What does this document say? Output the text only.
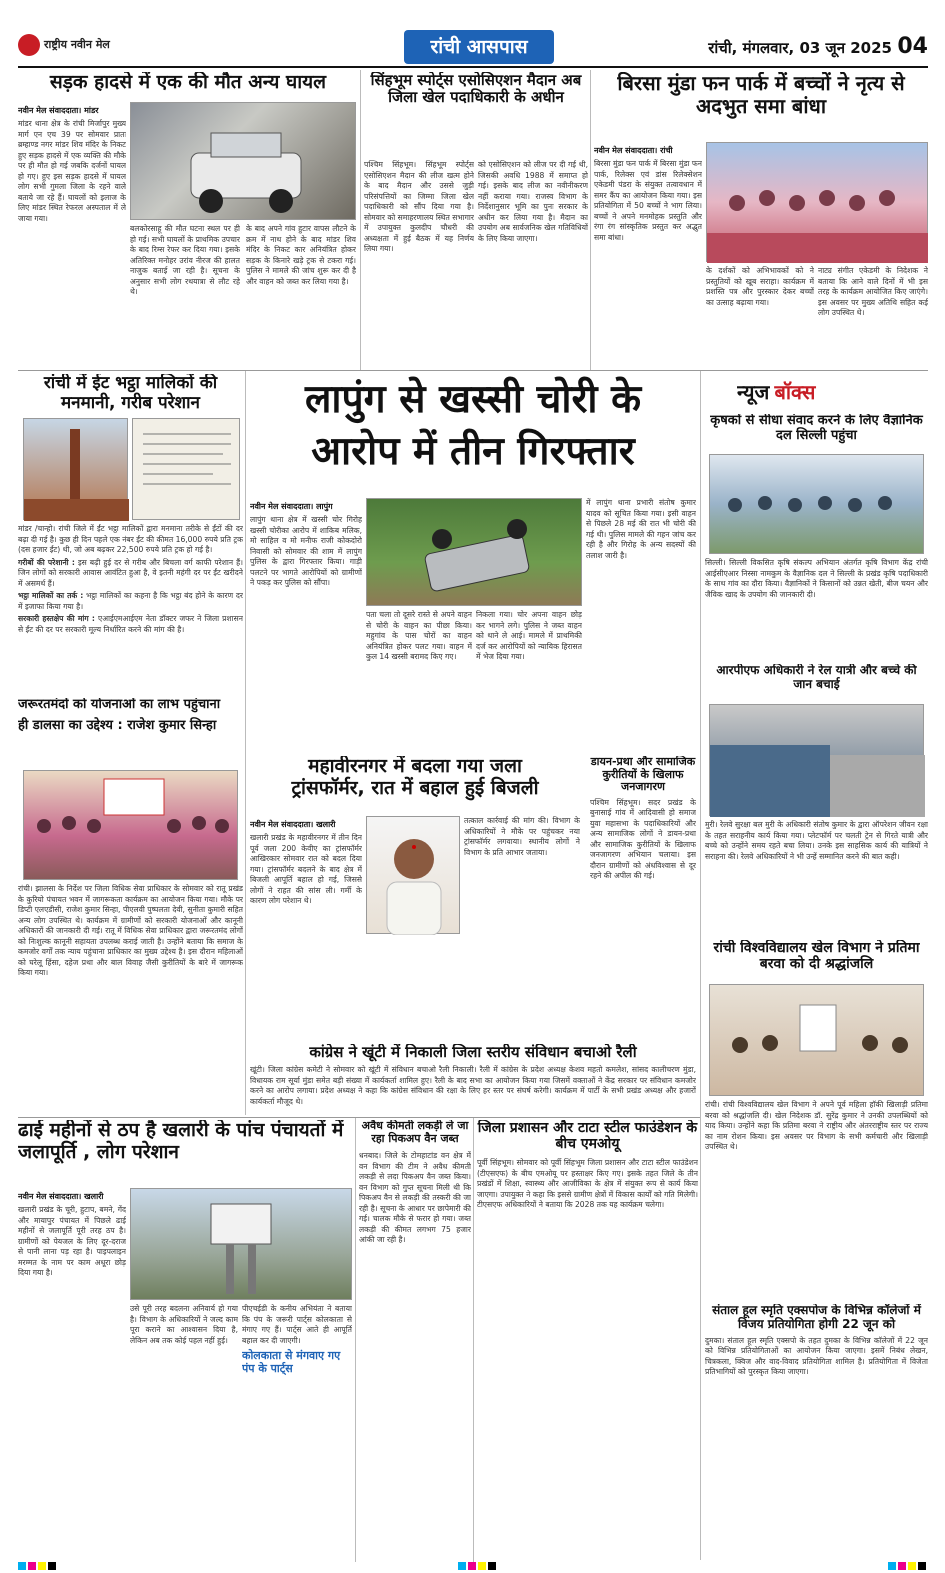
राष्ट्रीय नवीन मेल	रांची आसपास	रांची, मंगलवार, 03 जून 2025 04
सड़क हादसे में एक की मौत अन्य घायल
नवीन मेल संवाददाता। मांडर
मांडर थाना क्षेत्र के रांची मिर्जापुर मुख्य मार्ग एन एच 39 पर सोमवार प्रातः ब्रम्हाण्ड नगर मांडर शिव मंदिर के निकट हुए सड़क हादसे में एक व्यक्ति की मौके पर ही मौत हो गई जबकि दर्जनों घायल हो गए। हुए इस सड़क हादसे में घायल लोग सभी गुमला जिला के रहने वाले बताये जा रहे हैं। घायलों को इलाज के लिए मांडर स्थित रेफरल अस्पताल में ले जाया गया।
बलकोरसाहू की मौत घटना स्थल पर ही हो गई। सभी घायलों के प्राथमिक उपचार के बाद रिम्स रेफर कर दिया गया। इसके अतिरिक्त मनोहर उरांव नीरज की हालत नाजुक बताई जा रही है। सूचना के अनुसार सभी लोग रथयात्रा से लौट रहे थे।
के बाद अपने गांव हुटार वापस लौटने के क्रम में नाथ होने के बाद मांडर शिव मंदिर के निकट कार अनियंत्रित होकर सड़क के किनारे खड़े ट्रक से टकरा गई। पुलिस ने मामले की जांच शुरू कर दी है और वाहन को जब्त कर लिया गया है।
सिंहभूम स्पोर्ट्स एसोसिएशन मैदान अब जिला खेल पदाधिकारी के अधीन
पश्चिम सिंहभूम। सिंहभूम स्पोर्ट्स एसोसिएशन मैदान की लीज खत्म होने के बाद मैदान और उससे जुड़ी परिसंपत्तियों का जिम्मा जिला खेल पदाधिकारी को सौंप दिया गया है। सोमवार को समाहरणालय स्थित सभागार में उपायुक्त कुलदीप चौधरी की अध्यक्षता में हुई बैठक में यह निर्णय लिया गया।
को एसोसिएशन को लीज पर दी गई थी, जिसकी अवधि 1988 में समाप्त हो गई। इसके बाद लीज का नवीनीकरण नहीं कराया गया। राजस्व विभाग के निर्देशानुसार भूमि का पुनः सरकार के अधीन कर लिया गया है। मैदान का उपयोग अब सार्वजनिक खेल गतिविधियों के लिए किया जाएगा।
बिरसा मुंडा फन पार्क में बच्चों ने नृत्य से अदभुत समा बांधा
नवीन मेल संवाददाता। रांची
बिरसा मुंडा फन पार्क में बिरसा मुंडा फन पार्क, रिलेक्स एवं डांस रिलेक्सेशन एकेडमी पंडरा के संयुक्त तत्वावधान में समर कैंप का आयोजन किया गया। इस प्रतियोगिता में 50 बच्चों ने भाग लिया। बच्चों ने अपने मनमोहक प्रस्तुति और रंगा रंग सांस्कृतिक प्रस्तुत कर अद्भुत समा बांधा।
के दर्शकों को अभिभावकों को ने प्रस्तुतियों को खूब सराहा। कार्यक्रम में प्रशस्ति पत्र और पुरस्कार देकर बच्चों का उत्साह बढ़ाया गया।
नाट्य संगीत एकेडमी के निदेशक ने बताया कि आने वाले दिनों में भी इस तरह के कार्यक्रम आयोजित किए जाएंगे। इस अवसर पर मुख्य अतिथि सहित कई लोग उपस्थित थे।
रांची में ईट भट्ठा मालिकों की मनमानी, गरीब परेशान

मांडर /चान्हो। रांची जिले में ईंट भट्ठा मालिकों द्वारा मनमाना तरीके से ईंटों की दर बढ़ा दी गई है। कुछ ही दिन पहले एक नंबर ईंट की कीमत 16,000 रुपये प्रति ट्रक (दस हजार ईंट) थी, जो अब बढ़कर 22,500 रुपये प्रति ट्रक हो गई है।

गरीबों की परेशानी : इस बढ़ी हुई दर से गरीब और बिचला वर्ग काफी परेशान हैं। जिन लोगों को सरकारी आवास आवंटित हुआ है, वे इतनी महंगी दर पर ईंट खरीदने में असमर्थ हैं।

भट्ठा मालिकों का तर्क : भट्ठा मालिकों का कहना है कि भट्ठा बंद होने के कारण दर में इजाफा किया गया है।

सरकारी हस्तक्षेप की मांग : एआईएमआईएम नेता डॉक्टर जफर ने जिला प्रशासन से ईंट की दर पर सरकारी मूल्य निर्धारित करने की मांग की है।

जरूरतमंदों को योजनाओं का लाभ पहुंचाना
ही डालसा का उद्देश्य : राजेश कुमार सिन्हा
रांची। झालसा के निर्देश पर जिला विधिक सेवा प्राधिकार के सोमवार को रातू प्रखंड के कुरियो पंचायत भवन में जागरूकता कार्यक्रम का आयोजन किया गया। मौके पर डिप्टी एलएडीसी, राजेश कुमार सिन्हा, पीएलवी पुष्पलता देवी, सुनीता कुमारी सहित अन्य लोग उपस्थित थे। कार्यक्रम में ग्रामीणों को सरकारी योजनाओं और कानूनी अधिकारों की जानकारी दी गई। रातू में विधिक सेवा प्राधिकार द्वारा जरूरतमंद लोगों को निःशुल्क कानूनी सहायता उपलब्ध कराई जाती है। उन्होंने बताया कि समाज के कमजोर वर्गों तक न्याय पहुंचाना प्राधिकार का मुख्य उद्देश्य है। इस दौरान महिलाओं को घरेलू हिंसा, दहेज प्रथा और बाल विवाह जैसी कुरीतियों के बारे में जागरूक किया गया।
लापुंग से खस्सी चोरी के
आरोप में तीन गिरफ्तार
नवीन मेल संवाददाता। लापुंग
लापुंग थाना क्षेत्र में खस्सी चोर गिरोह खस्सी चोरीका आरोप में शाकिब मलिक, मो साहिल व मो मनीफ राजी कोकदोरो निवासी को सोमवार की शाम में लापुंग पुलिस के द्वारा गिरफ्तार किया। गाड़ी पलटने पर भागते आरोपियों को ग्रामीणों ने पकड़ कर पुलिस को सौंपा।
पता चला तो दूसरे रास्ते से अपने वाहन से चोरी के वाहन का पीछा किया। महुगांव के पास चोरों का वाहन अनियंत्रित होकर पलट गया। वाहन में कुल 14 खस्सी बरामद किए गए।
निकला गया। चोर अपना वाहन छोड़ कर भागने लगे। पुलिस ने जब्त वाहन को थाने ले आई। मामले में प्राथमिकी दर्ज कर आरोपियों को न्यायिक हिरासत में भेज दिया गया।
में लापुंग थाना प्रभारी संतोष कुमार यादव को सूचित किया गया। इसी वाहन से पिछले 28 मई की रात भी चोरी की गई थी। पुलिस मामले की गहन जांच कर रही है और गिरोह के अन्य सदस्यों की तलाश जारी है।
महावीरनगर में बदला गया जला
ट्रांसफॉर्मर, रात में बहाल हुई बिजली
नवीन मेल संवाददाता। खलारी
खलारी प्रखंड के महावीरनगर में तीन दिन पूर्व जला 200 केवीए का ट्रांसफॉर्मर आखिरकार सोमवार रात को बदल दिया गया। ट्रांसफॉर्मर बदलने के बाद क्षेत्र में बिजली आपूर्ति बहाल हो गई, जिससे लोगों ने राहत की सांस ली। गर्मी के कारण लोग परेशान थे।
तत्काल कार्रवाई की मांग की। विभाग के अधिकारियों ने मौके पर पहुंचकर नया ट्रांसफॉर्मर लगवाया। स्थानीय लोगों ने विभाग के प्रति आभार जताया।
डायन-प्रथा और सामाजिक कुरीतियों के खिलाफ जनजागरण
पश्चिम सिंहभूम। सदर प्रखंड के बुनासाई गांव में आदिवासी हो समाज युवा महासभा के पदाधिकारियों और अन्य सामाजिक लोगों ने डायन-प्रथा और सामाजिक कुरीतियों के खिलाफ जनजागरण अभियान चलाया। इस दौरान ग्रामीणों को अंधविश्वास से दूर रहने की अपील की गई।
कांग्रेस ने खूंटी में निकाली जिला स्तरीय संविधान बचाओ रैली
खूंटी। जिला कांग्रेस कमेटी ने सोमवार को खूंटी में संविधान बचाओ रैली निकाली। रैली में कांग्रेस के प्रदेश अध्यक्ष केशव महतो कमलेश, सांसद कालीचरण मुंडा, विधायक राम सूर्या मुंडा समेत बड़ी संख्या में कार्यकर्ता शामिल हुए। रैली के बाद सभा का आयोजन किया गया जिसमें वक्ताओं ने केंद्र सरकार पर संविधान कमजोर करने का आरोप लगाया। प्रदेश अध्यक्ष ने कहा कि कांग्रेस संविधान की रक्षा के लिए हर स्तर पर संघर्ष करेगी। कार्यक्रम में पार्टी के सभी प्रखंड अध्यक्ष और हजारों कार्यकर्ता मौजूद थे।
ढाई महीनों से ठप है खलारी के पांच पंचायतों में जलापूर्ति , लोग परेशान
नवीन मेल संवाददाता। खलारी
खलारी प्रखंड के चूरी, हुटाप, बमने, गेंद और मायापुर पंचायत में पिछले ढाई महीनों से जलापूर्ति पूरी तरह ठप है। ग्रामीणों को पेयजल के लिए दूर-दराज से पानी लाना पड़ रहा है। पाइपलाइन मरम्मत के नाम पर काम अधूरा छोड़ दिया गया है।
उसे पूरी तरह बदलना अनिवार्य हो गया है। विभाग के अधिकारियों ने जल्द काम पूरा कराने का आश्वासन दिया है, लेकिन अब तक कोई पहल नहीं हुई।
पीएचईडी के कनीय अभियंता ने बताया कि पंप के जरूरी पार्ट्स कोलकाता से मंगाए गए हैं। पार्ट्स आते ही आपूर्ति बहाल कर दी जाएगी।
कोलकाता से मंगवाए गए पंप के पार्ट्स
अवैध कीमती लकड़ी ले जा रहा पिकअप वैन जब्त
धनबाद। जिले के टोमहाटांड वन क्षेत्र में वन विभाग की टीम ने अवैध कीमती लकड़ी से लदा पिकअप वैन जब्त किया। वन विभाग को गुप्त सूचना मिली थी कि पिकअप वैन से लकड़ी की तस्करी की जा रही है। सूचना के आधार पर छापेमारी की गई। चालक मौके से फरार हो गया। जब्त लकड़ी की कीमत लगभग 75 हजार आंकी जा रही है।
जिला प्रशासन और टाटा स्टील फाउंडेशन के बीच एमओयू
पूर्वी सिंहभूम। सोमवार को पूर्वी सिंहभूम जिला प्रशासन और टाटा स्टील फाउंडेशन (टीएसएफ) के बीच एमओयू पर हस्ताक्षर किए गए। इसके तहत जिले के तीन प्रखंडों में शिक्षा, स्वास्थ्य और आजीविका के क्षेत्र में संयुक्त रूप से कार्य किया जाएगा। उपायुक्त ने कहा कि इससे ग्रामीण क्षेत्रों में विकास कार्यों को गति मिलेगी। टीएसएफ अधिकारियों ने बताया कि 2028 तक यह कार्यक्रम चलेगा।
न्यूज बॉक्स
कृषकों से सीधा संवाद करने के लिए वैज्ञानिक दल सिल्ली पहुंचा
सिल्ली। सिल्ली विकसित कृषि संकल्प अभियान अंतर्गत कृषि विभाग केंद्र रांची आईसीएआर निस्सा नामकुम के वैज्ञानिक दल ने सिल्ली के प्रखंड कृषि पदाधिकारी के साथ गांव का दौरा किया। वैज्ञानिकों ने किसानों को उन्नत खेती, बीज चयन और जैविक खाद के उपयोग की जानकारी दी।
आरपीएफ अधिकारी ने रेल यात्री और बच्चे की जान बचाई
मुरी। रेलवे सुरक्षा बल मुरी के अधिकारी संतोष कुमार के द्वारा ऑपरेशन जीवन रक्षा के तहत सराहनीय कार्य किया गया। प्लेटफॉर्म पर चलती ट्रेन से गिरते यात्री और बच्चे को उन्होंने समय रहते बचा लिया। उनके इस साहसिक कार्य की यात्रियों ने सराहना की। रेलवे अधिकारियों ने भी उन्हें सम्मानित करने की बात कही।
रांची विश्वविद्यालय खेल विभाग ने प्रतिमा बरवा को दी श्रद्धांजलि
रांची। रांची विश्वविद्यालय खेल विभाग ने अपने पूर्व महिला हॉकी खिलाड़ी प्रतिमा बरवा को श्रद्धांजलि दी। खेल निदेशक डॉ. सुरेंद्र कुमार ने उनकी उपलब्धियों को याद किया। उन्होंने कहा कि प्रतिमा बरवा ने राष्ट्रीय और अंतरराष्ट्रीय स्तर पर राज्य का नाम रोशन किया। इस अवसर पर विभाग के सभी कर्मचारी और खिलाड़ी उपस्थित थे।
संताल हूल स्मृति एक्सपोज के विभिन्न कॉलेजों में विजय प्रतियोगिता होगी 22 जून को
दुमका। संताल हूल स्मृति एक्सपो के तहत दुमका के विभिन्न कॉलेजों में 22 जून को विभिन्न प्रतियोगिताओं का आयोजन किया जाएगा। इसमें निबंध लेखन, चित्रकला, क्विज और वाद-विवाद प्रतियोगिता शामिल है। प्रतियोगिता में विजेता प्रतिभागियों को पुरस्कृत किया जाएगा।
